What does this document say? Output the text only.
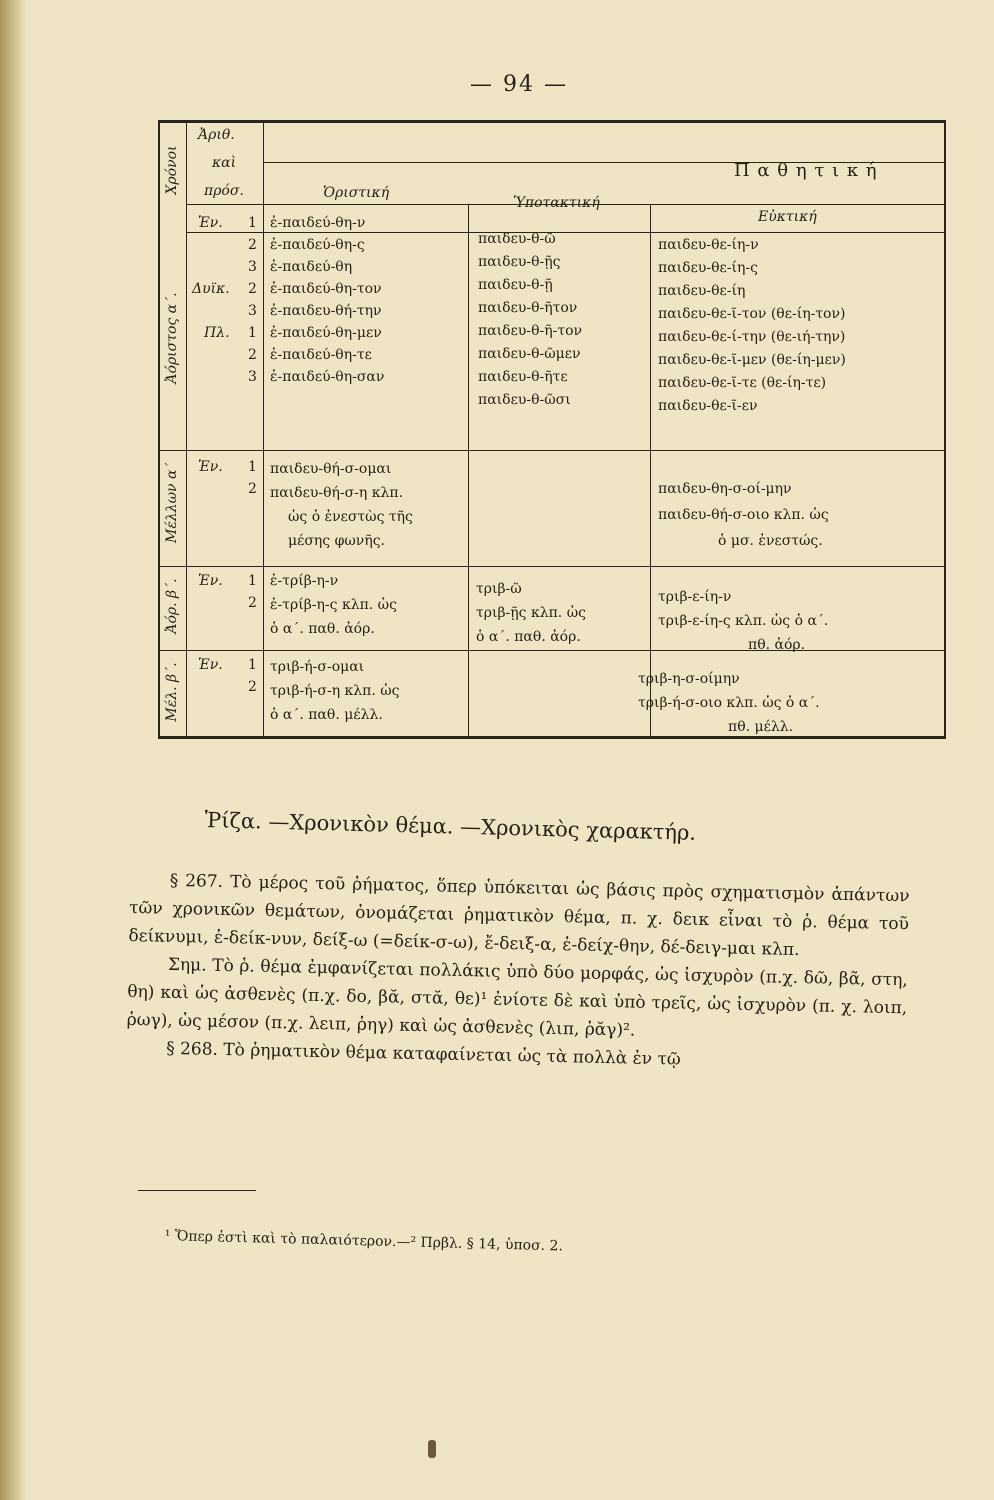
— 94 —
Χρόνοι
Ἀριθ.
καὶ
πρόσ.
Π α θ η τ ι κ ή
Ὁριστική
Ὑποτακτική
Εὐκτική
Ἀόριστος α΄.
Μέλλων α΄
Ἀόρ. β΄.
Μέλ. β΄.
Ἑν. 1
2
3
Δυϊκ. 2
3
Πλ. 1
2
3
ἐ-παιδεύ-θη-ν
ἐ-παιδεύ-θη-ς
ἐ-παιδεύ-θη
ἐ-παιδεύ-θη-τον
ἐ-παιδευ-θή-την
ἐ-παιδεύ-θη-μεν
ἐ-παιδεύ-θη-τε
ἐ-παιδεύ-θη-σαν
παιδευ-θ-ῶ
παιδευ-θ-ῇς
παιδευ-θ-ῇ
παιδευ-θ-ῆτον
παιδευ-θ-ῆ-τον
παιδευ-θ-ῶμεν
παιδευ-θ-ῆτε
παιδευ-θ-ῶσι
παιδευ-θε-ίη-ν
παιδευ-θε-ίη-ς
παιδευ-θε-ίη
παιδευ-θε-ῖ-τον (θε-ίη-τον)
παιδευ-θε-ί-την (θε-ιή-την)
παιδευ-θε-ῖ-μεν (θε-ίη-μεν)
παιδευ-θε-ῖ-τε (θε-ίη-τε)
παιδευ-θε-ῖ-εν
Ἑν. 1
2
παιδευ-θή-σ-ομαι
παιδευ-θή-σ-η κλπ.
ὡς ὁ ἐνεστὼς τῆς
μέσης φωνῆς.
παιδευ-θη-σ-οί-μην
παιδευ-θή-σ-οιο κλπ. ὡς
ὁ μσ. ἐνεστώς.
Ἑν. 1
2
ἐ-τρίβ-η-ν
ἐ-τρίβ-η-ς κλπ. ὡς
ὁ α΄. παθ. ἀόρ.
τριβ-ῶ
τριβ-ῇς κλπ. ὡς
ὁ α΄. παθ. ἀόρ.
τριβ-ε-ίη-ν
τριβ-ε-ίη-ς κλπ. ὡς ὁ α΄.
πθ. ἀόρ.
Ἑν. 1
2
τριβ-ή-σ-ομαι
τριβ-ή-σ-η κλπ. ὡς
ὁ α΄. παθ. μέλλ.
τριβ-η-σ-οίμην
τριβ-ή-σ-οιο κλπ. ὡς ὁ α΄.
πθ. μέλλ.
Ῥίζα. —Χρονικὸν θέμα. —Χρονικὸς χαρακτήρ.

§ 267. Τὸ μέρος τοῦ ῥήματος, ὅπερ ὑπόκειται ὡς βάσις πρὸς σχηματισμὸν ἁπάντων τῶν χρονικῶν θεμάτων, ὀνομάζεται ῥηματικὸν θέμα, π. χ. δεικ εἶναι τὸ ῥ. θέμα τοῦ δείκνυμι, ἐ-δείκ-νυν, δείξ-ω (=δείκ-σ-ω), ἔ-δειξ-α, ἐ-δείχ-θην, δέ-δειγ-μαι κλπ.

Σημ. Τὸ ῥ. θέμα ἐμφανίζεται πολλάκις ὑπὸ δύο μορφάς, ὡς ἰσχυρὸν (π.χ. δῶ, βᾶ, στη, θη) καὶ ὡς ἀσθενὲς (π.χ. δο, βᾰ, στᾰ, θε)¹ ἐνίοτε δὲ καὶ ὑπὸ τρεῖς, ὡς ἰσχυρὸν (π. χ. λοιπ, ῥωγ), ὡς μέσον (π.χ. λειπ, ῥηγ) καὶ ὡς ἀσθενὲς (λιπ, ῥᾰγ)².

§ 268. Τὸ ῥηματικὸν θέμα καταφαίνεται ὡς τὰ πολλὰ ἐν τῷ

¹ Ὅπερ ἐστὶ καὶ τὸ παλαιότερον.—² Πρβλ. § 14, ὑποσ. 2.
